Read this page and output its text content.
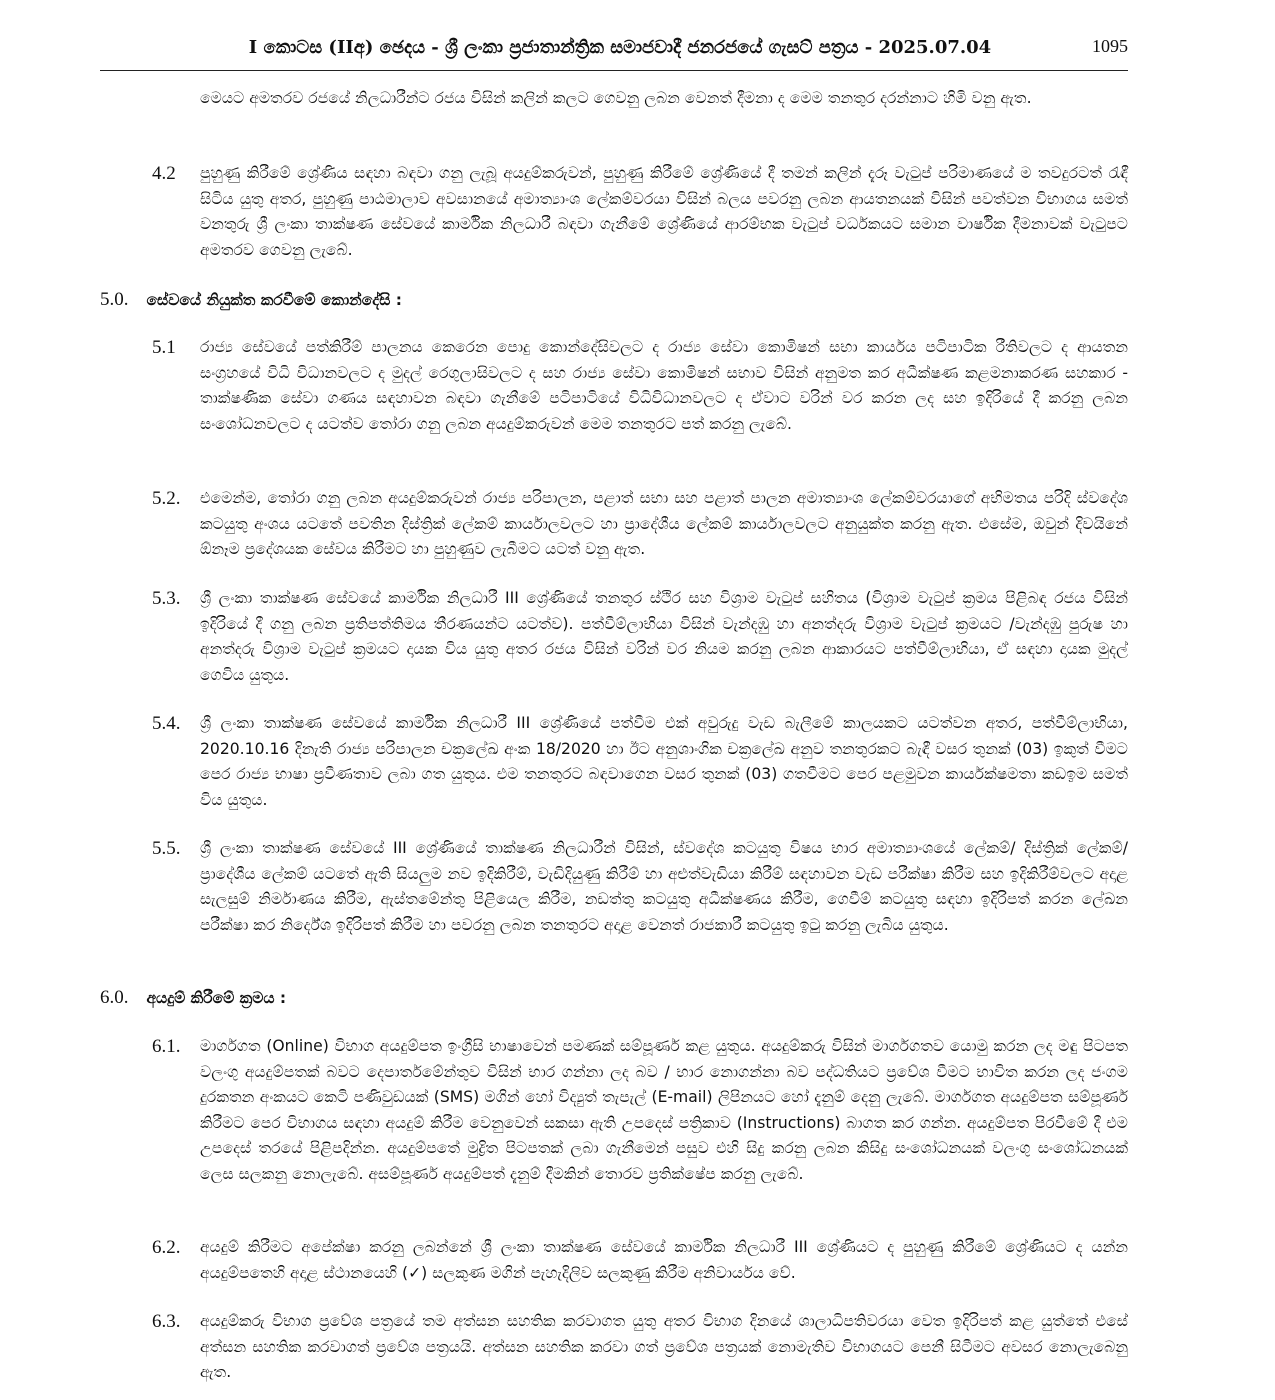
I කොටස (IIඅ) ඡෙදය - ශ්‍රී ලංකා ප්‍රජාතාන්ත්‍රික සමාජවාදී ජනරජයේ ගැසට් පත්‍රය - 2025.07.04	1095
මෙයට අමතරව රජයේ නිලධාරීන්ට රජය විසින් කලින් කලට ගෙවනු ලබන වෙනත් දීමනා ද මෙම තනතුර දරන්නාට හිමි වනු ඇත.
4.2	පුහුණු කිරීමේ ශ්‍රේණිය සඳහා බඳවා ගනු ලැබූ අයදුම්කරුවන්, පුහුණු කිරීමේ ශ්‍රේණියේ දී තමන් කලින් දැරූ වැටුප් පරිමාණයේ ම තවදුරටත් රැඳී සිටිය යුතු අතර, පුහුණු පාඨමාලාව අවසානයේ අමාත්‍යාංශ ලේකම්වරයා විසින් බලය පවරනු ලබන ආයතනයක් විසින් පවත්වන විභාගය සමත් වනතුරු ශ්‍රී ලංකා තාක්ෂණ සේවයේ කාර්මික නිලධාරී බඳවා ගැනීමේ ශ්‍රේණියේ ආරම්භක වැටුප් වර්ධකයට සමාන වාර්ෂික දීමනාවක් වැටුපට අමතරව ගෙවනු ලැබේ.
5.0. සේවයේ නියුක්ත කරවීමේ කොන්දේසි :
5.1	රාජ්‍ය සේවයේ පත්කිරීම් පාලනය කෙරෙන පොදු කොන්දේසිවලට ද රාජ්‍ය සේවා කොමිෂන් සභා කාර්යය පටිපාටික රීතිවලට ද ආයතන සංග්‍රහයේ විධි විධානවලට ද මුදල් රෙගුලාසිවලට ද සහ රාජ්‍ය සේවා කොමිෂන් සභාව විසින් අනුමත කර අධීක්ෂණ කළමනාකරණ සහකාර - තාක්ෂණික සේවා ගණය සඳහාවන බඳවා ගැනීමේ පටිපාටියේ විධිවිධානවලට ද ඒවාට වරින් වර කරන ලද සහ ඉදිරියේ දී කරනු ලබන සංශෝධනවලට ද යටත්ව තෝරා ගනු ලබන අයදුම්කරුවන් මෙම තනතුරට පත් කරනු ලැබේ.
5.2.	එමෙන්ම, තෝරා ගනු ලබන අයදුම්කරුවන් රාජ්‍ය පරිපාලන, පළාත් සභා සහ පළාත් පාලන අමාත්‍යාංශ ලේකම්වරයාගේ අභිමතය පරිදි ස්වදේශ කටයුතු අංශය යටතේ පවතින දිස්ත්‍රික් ලේකම් කාර්යාලවලට හා ප්‍රාදේශීය ලේකම් කාර්යාලවලට අනුයුක්ත කරනු ඇත. එසේම, ඔවුන් දිවයිනේ ඕනෑම ප්‍රදේශයක සේවය කිරීමට හා පුහුණුව ලැබීමට යටත් වනු ඇත.
5.3.	ශ්‍රී ලංකා තාක්ෂණ සේවයේ කාර්මික නිලධාරී III ශ්‍රේණියේ තනතුර ස්ථිර සහ විශ්‍රාම වැටුප් සහිතය (විශ්‍රාම වැටුප් ක්‍රමය පිළිබඳ රජය විසින් ඉදිරියේ දී ගනු ලබන ප්‍රතිපත්තිමය තීරණයන්ට යටත්ව). පත්වීම්ලාභියා විසින් වැන්දඹු හා අනත්දරු විශ්‍රාම වැටුප් ක්‍රමයට /වැන්දඹු පුරුෂ හා අනත්දරු විශ්‍රාම වැටුප් ක්‍රමයට දායක විය යුතු අතර රජය විසින් වරින් වර නියම කරනු ලබන ආකාරයට පත්වීම්ලාභියා, ඒ සඳහා දායක මුදල් ගෙවිය යුතුය.
5.4.	ශ්‍රී ලංකා තාක්ෂණ සේවයේ කාර්මික නිලධාරී III ශ්‍රේණියේ පත්වීම එක් අවුරුදු වැඩ බැලීමේ කාලයකට යටත්වන අතර, පත්වීම්ලාභියා, 2020.10.16 දිනැති රාජ්‍ය පරිපාලන චක්‍රලේඛ අංක 18/2020 හා ඊට අනුශාංගික චක්‍රලේඛ අනුව තනතුරකට බැඳී වසර තුනක් (03) ඉකුත් වීමට පෙර රාජ්‍ය භාෂා ප්‍රවීණතාව ලබා ගත යුතුය. එම තනතුරට බඳවාගෙන වසර තුනක් (03) ගතවීමට පෙර පළමුවන කාර්යක්ෂමතා කඩඉම සමත් විය යුතුය.
5.5.	ශ්‍රී ලංකා තාක්ෂණ සේවයේ III ශ්‍රේණියේ තාක්ෂණ නිලධාරීන් විසින්, ස්වදේශ කටයුතු විෂය භාර අමාත්‍යාංශයේ ලේකම්/ දිස්ත්‍රික් ලේකම්/ ප්‍රාදේශීය ලේකම් යටතේ ඇති සියලුම නව ඉදිකිරීම්, වැඩිදියුණු කිරීම් හා අළුත්වැඩියා කිරීම් සඳහාවන වැඩ පරීක්ෂා කිරීම සහ ඉදිකිරීම්වලට අදාළ සැලසුම් නිර්මාණය කිරීම, ඇස්තමේන්තු පිළියෙල කිරීම, නඩත්තු කටයුතු අධීක්ෂණය කිරීම, ගෙවීම් කටයුතු සඳහා ඉදිරිපත් කරන ලේඛන පරීක්ෂා කර නිර්දේශ ඉදිරිපත් කිරීම හා පවරනු ලබන තනතුරට අදාළ වෙනත් රාජකාරී කටයුතු ඉටු කරනු ලැබිය යුතුය.
6.0. අයදුම් කිරීමේ ක්‍රමය :
6.1.	මාර්ගගත (Online) විභාග අයදුම්පත ඉංග්‍රීසි භාෂාවෙන් පමණක් සම්පූර්ණ කළ යුතුය. අයදුම්කරු විසින් මාර්ගගතව යොමු කරන ලද මඳු පිටපත වලංගු අයදුම්පතක් බවට දෙපාර්තමේන්තුව විසින් භාර ගන්නා ලද බව / භාර නොගන්නා බව පද්ධතියට ප්‍රවේශ වීමට භාවිත කරන ලද ජංගම දුරකතන අංකයට කෙටි පණිවුඩයක් (SMS) මගින් හෝ විද්‍යුත් තැපැල් (E-mail) ලිපිනයට හෝ දැනුම් දෙනු ලැබේ. මාර්ගගත අයදුම්පත සම්පූර්ණ කිරීමට පෙර විභාගය සඳහා අයදුම් කිරීම වෙනුවෙන් සකසා ඇති උපදෙස් පත්‍රිකාව (Instructions) බාගත කර ගන්න. අයදුම්පත පිරවීමේ දී එම උපදෙස් තරයේ පිළිපදින්න. අයදුම්පතේ මුද්‍රිත පිටපතක් ලබා ගැනීමෙන් පසුව එහි සිදු කරනු ලබන කිසිදු සංශෝධනයක් වලංගු සංශෝධනයක් ලෙස සලකනු නොලැබේ. අසම්පූර්ණ අයදුම්පත් දැනුම් දීමකින් තොරව ප්‍රතික්ෂේප කරනු ලැබේ.
6.2.	අයදුම් කිරීමට අපේක්ෂා කරනු ලබන්නේ ශ්‍රී ලංකා තාක්ෂණ සේවයේ කාර්මික නිලධාරී III ශ්‍රේණියට ද පුහුණු කිරීමේ ශ්‍රේණියට ද යන්න අයදුම්පතෙහි අදාළ ස්ථානයෙහි (✓) සලකුණ මගින් පැහැදිලිව සලකුණු කිරීම අනිවාර්යය වේ.
6.3.	අයදුම්කරු විභාග ප්‍රවේශ පත්‍රයේ තම අත්සන සහතික කරවාගත යුතු අතර විභාග දිනයේ ශාලාධිපතිවරයා වෙත ඉදිරිපත් කළ යුත්තේ එසේ අත්සන සහතික කරවාගත් ප්‍රවේශ පත්‍රයයි. අත්සන සහතික කරවා ගත් ප්‍රවේශ පත්‍රයක් නොමැතිව විභාගයට පෙනී සිටීමට අවසර නොලැබෙනු ඇත.
